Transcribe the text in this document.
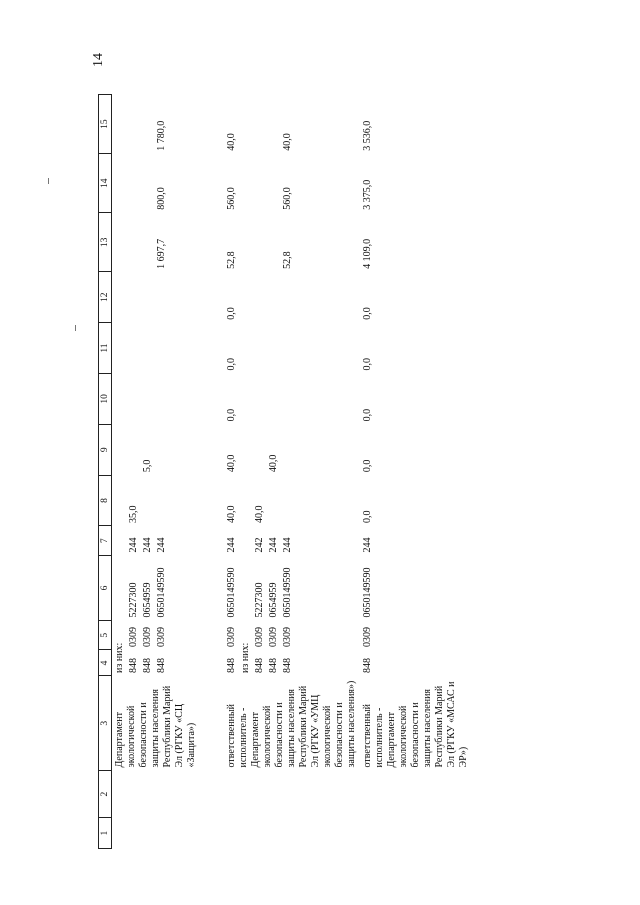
14
1	2	3	4	5	6	7	8	9	10	11	12	13	14	15
		Департамент экологической безопасности и защиты населения Республики Марий Эл (РГКУ «СЦ «Защита»)	из них:											
			848	0309	5227300	244	35,0							
			848	0309	0654959	244		5,0						
			848	0309	0650149590	244						1 697,7	800,0	1 780,0
		ответственный исполнитель - Департамент экологической безопасности и защиты населения Республики Марий Эл (РГКУ «УМЦ экологической безопасности и защиты населения»)	848	0309	0650149590	244	40,0	40,0	0,0	0,0	0,0	52,8	560,0	40,0
			из них:											
			848	0309	5227300	242	40,0							
			848	0309	0654959	244		40,0						
			848	0309	0650149590	244						52,8	560,0	40,0
		ответственный исполнитель - Департамент экологической безопасности и защиты населения Республики Марий Эл (РГКУ «МСАС и ЭР»)	848	0309	0650149590	244	0,0	0,0	0,0	0,0	0,0	4 109,0	3 375,0	3 536,0
